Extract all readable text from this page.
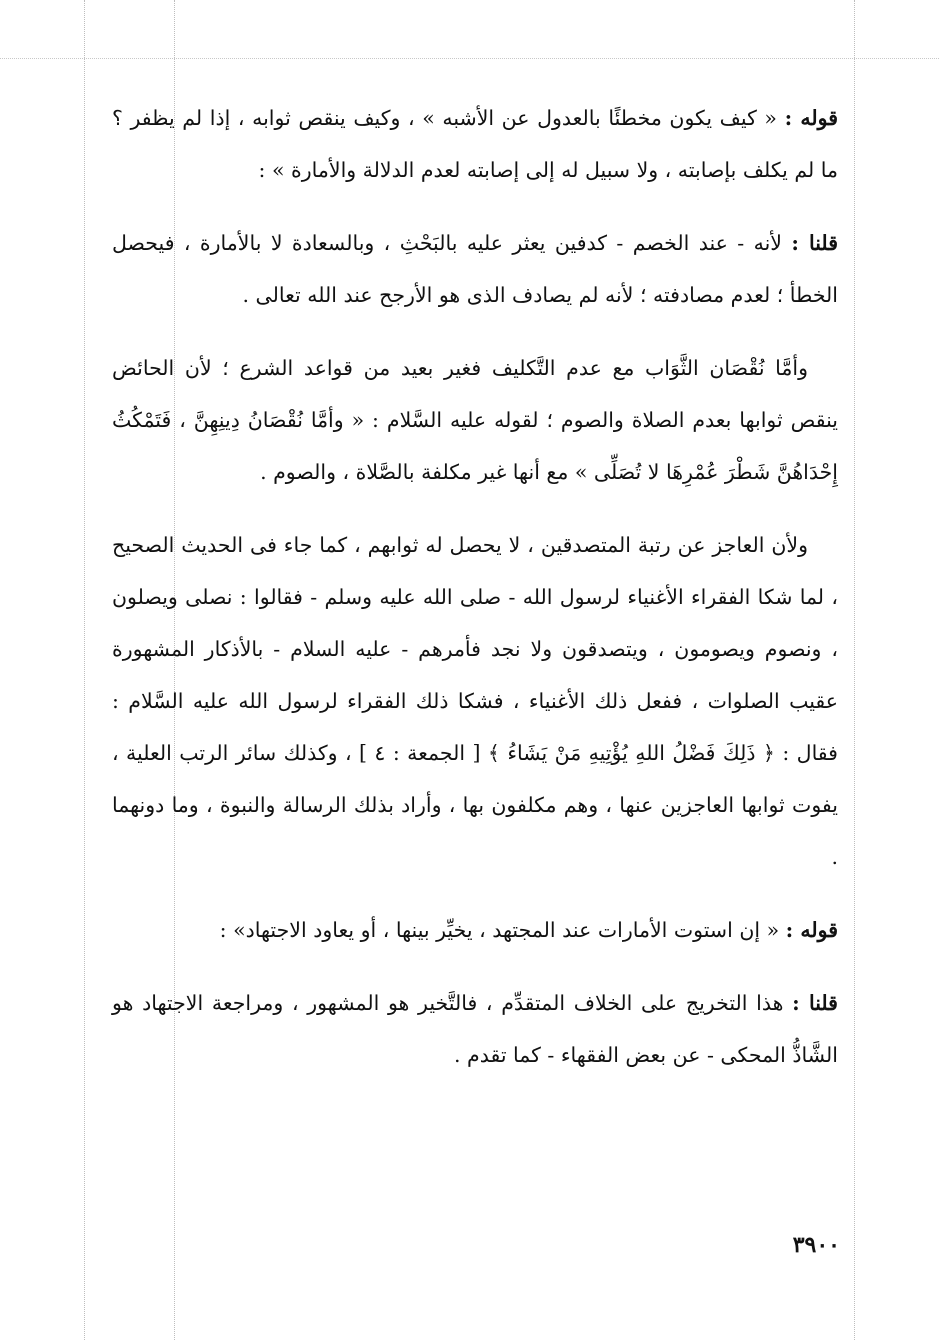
قوله : « كيف يكون مخطئًا بالعدول عن الأشبه » ، وكيف ينقص ثوابه ، إذا لم يظفر ؟ ما لم يكلف بإصابته ، ولا سبيل له إلى إصابته لعدم الدلالة والأمارة » :

قلنا : لأنه - عند الخصم - كدفين يعثر عليه بالبَحْثِ ، وبالسعادة لا بالأمارة ، فيحصل الخطأ ؛ لعدم مصادفته ؛ لأنه لم يصادف الذى هو الأرجح عند الله تعالى .

وأمَّا نُقْصَان الثَّوَاب مع عدم التَّكليف فغير بعيد من قواعد الشرع ؛ لأن الحائض ينقص ثوابها بعدم الصلاة والصوم ؛ لقوله عليه السَّلام : « وأمَّا نُقْصَانُ دِينِهِنَّ ، فَتَمْكُثُ إِحْدَاهُنَّ شَطْرَ عُمْرِهَا لا تُصَلِّى » مع أنها غير مكلفة بالصَّلاة ، والصوم .

ولأن العاجز عن رتبة المتصدقين ، لا يحصل له ثوابهم ، كما جاء فى الحديث الصحيح ، لما شكا الفقراء الأغنياء لرسول الله - صلى الله عليه وسلم - فقالوا : نصلى ويصلون ، ونصوم ويصومون ، ويتصدقون ولا نجد فأمرهم - عليه السلام - بالأذكار المشهورة عقيب الصلوات ، ففعل ذلك الأغنياء ، فشكا ذلك الفقراء لرسول الله عليه السَّلام : فقال : ﴿ ذَلِكَ فَضْلُ اللهِ يُؤْتِيهِ مَنْ يَشَاءُ ﴾ [ الجمعة : ٤ ] ، وكذلك سائر الرتب العلية ، يفوت ثوابها العاجزين عنها ، وهم مكلفون بها ، وأراد بذلك الرسالة والنبوة ، وما دونهما .

قوله : « إن استوت الأمارات عند المجتهد ، يخيِّر بينها ، أو يعاود الاجتهاد» :

قلنا : هذا التخريج على الخلاف المتقدِّم ، فالتَّخير هو المشهور ، ومراجعة الاجتهاد هو الشَّاذُّ المحكى - عن بعض الفقهاء - كما تقدم .

٣٩٠٠
